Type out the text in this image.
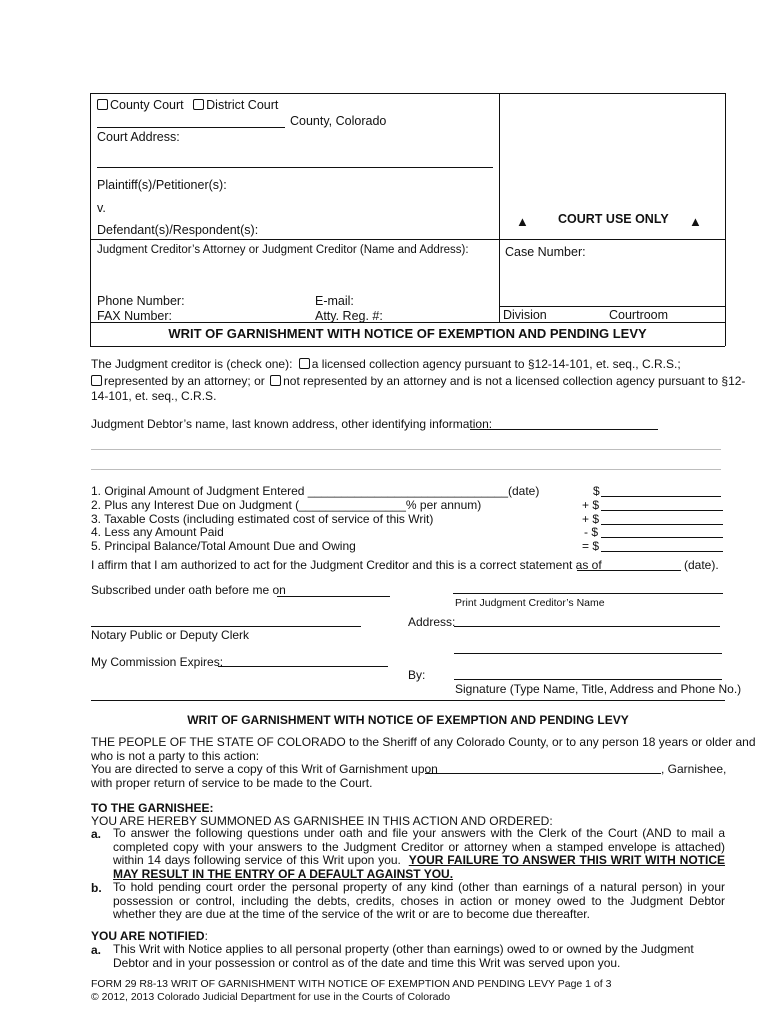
County Court District Court
County, Colorado
Court Address:
Plaintiff(s)/Petitioner(s):
v.
Defendant(s)/Respondent(s):
▲ COURT USE ONLY ▲
Judgment Creditor’s Attorney or Judgment Creditor (Name and Address):	Case Number:
Phone Number:	E-mail:
FAX Number:	Atty. Reg. #:	Division	Courtroom
WRIT OF GARNISHMENT WITH NOTICE OF EXEMPTION AND PENDING LEVY
The Judgment creditor is (check one): a licensed collection agency pursuant to §12-14-101, et. seq., C.R.S.;
represented by an attorney; or not represented by an attorney and is not a licensed collection agency pursuant to §12-
14-101, et. seq., C.R.S.
Judgment Debtor’s name, last known address, other identifying information:
1. Original Amount of Judgment Entered ______________________________(date)	$
2. Plus any Interest Due on Judgment (________________% per annum)	+ $
3. Taxable Costs (including estimated cost of service of this Writ)	+ $
4. Less any Amount Paid	- $
5. Principal Balance/Total Amount Due and Owing	= $
I affirm that I am authorized to act for the Judgment Creditor and this is a correct statement as of	(date).
Subscribed under oath before me on
Print Judgment Creditor’s Name
Address:
Notary Public or Deputy Clerk
My Commission Expires:
By:
Signature (Type Name, Title, Address and Phone No.)
WRIT OF GARNISHMENT WITH NOTICE OF EXEMPTION AND PENDING LEVY
THE PEOPLE OF THE STATE OF COLORADO to the Sheriff of any Colorado County, or to any person 18 years or older and
who is not a party to this action:
You are directed to serve a copy of this Writ of Garnishment upon	, Garnishee,
with proper return of service to be made to the Court.
TO THE GARNISHEE:
YOU ARE HEREBY SUMMONED AS GARNISHEE IN THIS ACTION AND ORDERED:
a. To answer the following questions under oath and file your answers with the Clerk of the Court (AND to mail a completed copy with your answers to the Judgment Creditor or attorney when a stamped envelope is attached) within 14 days following service of this Writ upon you. YOUR FAILURE TO ANSWER THIS WRIT WITH NOTICE MAY RESULT IN THE ENTRY OF A DEFAULT AGAINST YOU.
b. To hold pending court order the personal property of any kind (other than earnings of a natural person) in your possession or control, including the debts, credits, choses in action or money owed to the Judgment Debtor whether they are due at the time of the service of the writ or are to become due thereafter.
YOU ARE NOTIFIED:
a. This Writ with Notice applies to all personal property (other than earnings) owed to or owned by the Judgment Debtor and in your possession or control as of the date and time this Writ was served upon you.
FORM 29 R8-13 WRIT OF GARNISHMENT WITH NOTICE OF EXEMPTION AND PENDING LEVY Page 1 of 3
© 2012, 2013 Colorado Judicial Department for use in the Courts of Colorado
